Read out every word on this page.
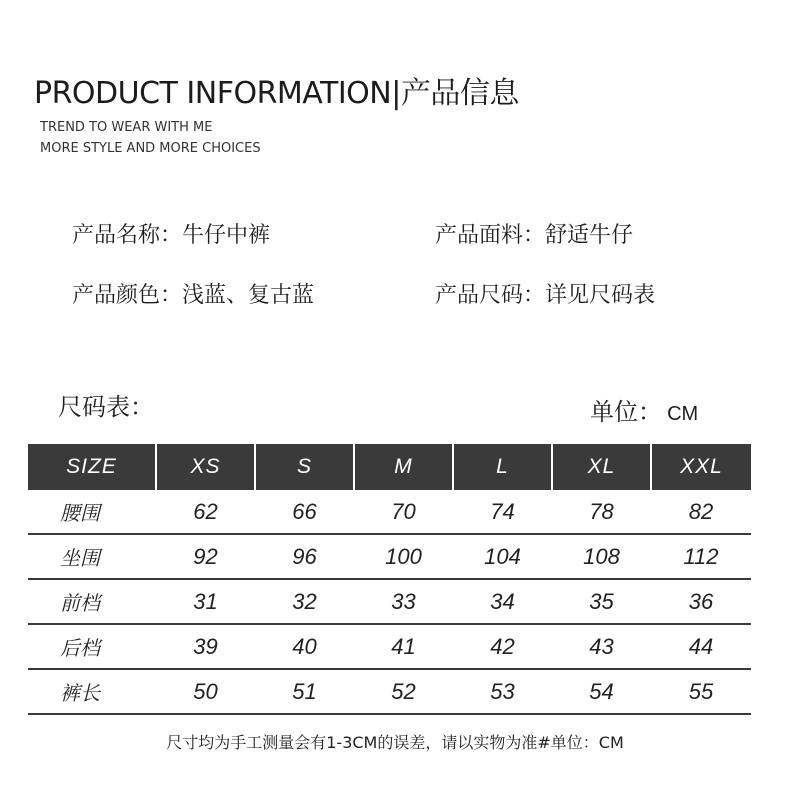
PRODUCT INFORMATION|产品信息
TREND TO WEAR WITH ME
MORE STYLE AND MORE CHOICES
产品名称：牛仔中裤	产品面料：舒适牛仔
产品颜色：浅蓝、复古蓝	产品尺码：详见尺码表
尺码表：	单位： CM
SIZE	XS	S	M	L	XL	XXL
腰围	62	66	70	74	78	82
坐围	92	96	100	104	108	112
前档	31	32	33	34	35	36
后档	39	40	41	42	43	44
裤长	50	51	52	53	54	55
尺寸均为手工测量会有1-3CM的误差，请以实物为准#单位：CM
